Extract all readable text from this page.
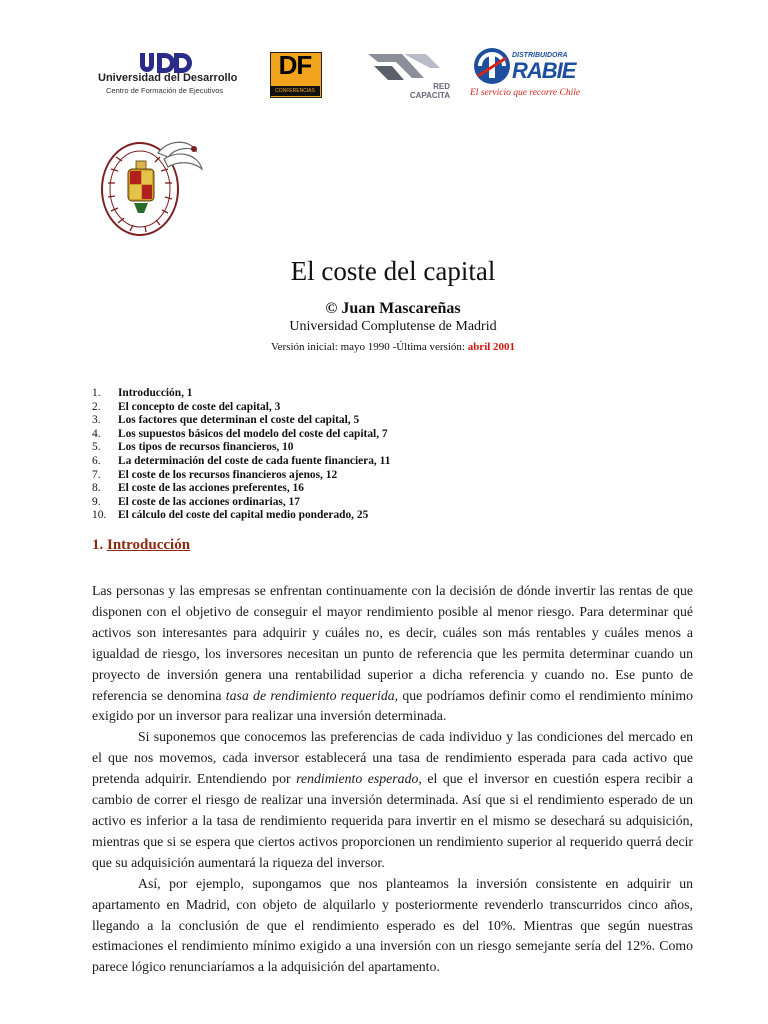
Universidad del Desarrollo
Centro de Formación de Ejecutivos
DF
CONFERENCIAS	RED
CAPACITA
DISTRIBUIDORA
RABIE
El servicio que recorre Chile
El coste del capital
© Juan Mascareñas
Universidad Complutense de Madrid
Versión inicial: mayo 1990 -Última versión: abril 2001
1. Introducción, 1
2. El concepto de coste del capital, 3
3. Los factores que determinan el coste del capital, 5
4. Los supuestos básicos del modelo del coste del capital, 7
5. Los tipos de recursos financieros, 10
6. La determinación del coste de cada fuente financiera, 11
7. El coste de los recursos financieros ajenos, 12
8. El coste de las acciones preferentes, 16
9. El coste de las acciones ordinarias, 17
10. El cálculo del coste del capital medio ponderado, 25
1. Introducción

Las personas y las empresas se enfrentan continuamente con la decisión de dónde invertir las rentas de que disponen con el objetivo de conseguir el mayor rendimiento posible al menor riesgo. Para determinar qué activos son interesantes para adquirir y cuáles no, es decir, cuáles son más rentables y cuáles menos a igualdad de riesgo, los inversores necesitan un punto de referencia que les permita determinar cuando un proyecto de inversión genera una rentabilidad superior a dicha referencia y cuando no. Ese punto de referencia se denomina tasa de rendimiento requerida, que podríamos definir como el rendimiento mínimo exigido por un inversor para realizar una inversión determinada.

Si suponemos que conocemos las preferencias de cada individuo y las condiciones del mercado en el que nos movemos, cada inversor establecerá una tasa de rendimiento esperada para cada activo que pretenda adquirir. Entendiendo por rendimiento esperado, el que el inversor en cuestión espera recibir a cambio de correr el riesgo de realizar una inversión determinada. Así que si el rendimiento esperado de un activo es inferior a la tasa de rendimiento requerida para invertir en el mismo se desechará su adquisición, mientras que si se espera que ciertos activos proporcionen un rendimiento superior al requerido querrá decir que su adquisición aumentará la riqueza del inversor.

Así, por ejemplo, supongamos que nos planteamos la inversión consistente en adquirir un apartamento en Madrid, con objeto de alquilarlo y posteriormente revenderlo transcurridos cinco años, llegando a la conclusión de que el rendimiento esperado es del 10%. Mientras que según nuestras estimaciones el rendimiento mínimo exigido a una inversión con un riesgo semejante sería del 12%. Como parece lógico renunciaríamos a la adquisición del apartamento.
